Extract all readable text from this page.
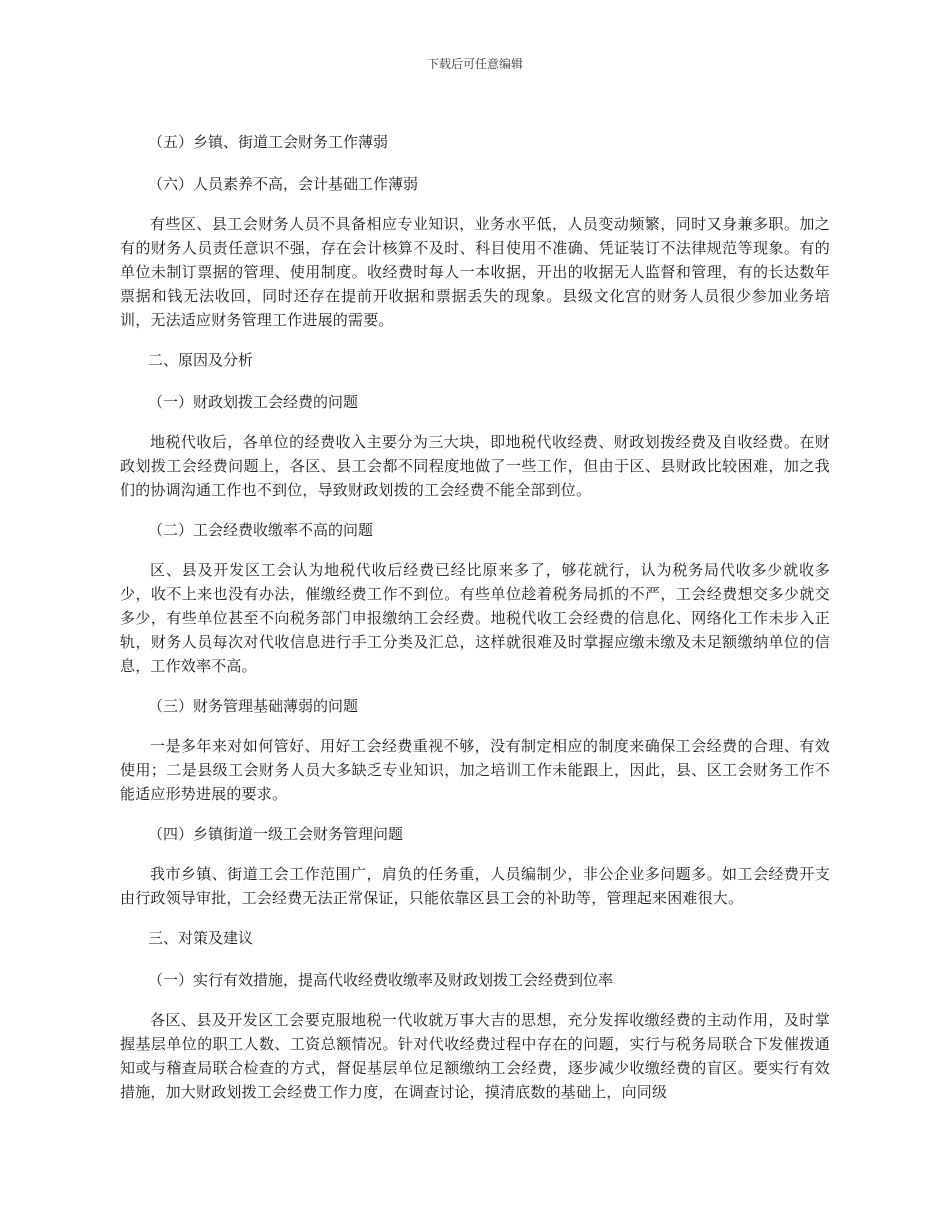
下载后可任意编辑
（五）乡镇、街道工会财务工作薄弱
（六）人员素养不高，会计基础工作薄弱
有些区、县工会财务人员不具备相应专业知识，业务水平低，人员变动频繁，同时又身兼多职。加之有的财务人员责任意识不强，存在会计核算不及时、科目使用不准确、凭证装订不法律规范等现象。有的单位未制订票据的管理、使用制度。收经费时每人一本收据，开出的收据无人监督和管理，有的长达数年票据和钱无法收回，同时还存在提前开收据和票据丢失的现象。县级文化宫的财务人员很少参加业务培训，无法适应财务管理工作进展的需要。
二、原因及分析
（一）财政划拨工会经费的问题
地税代收后，各单位的经费收入主要分为三大块，即地税代收经费、财政划拨经费及自收经费。在财政划拨工会经费问题上，各区、县工会都不同程度地做了一些工作，但由于区、县财政比较困难，加之我们的协调沟通工作也不到位，导致财政划拨的工会经费不能全部到位。
（二）工会经费收缴率不高的问题
区、县及开发区工会认为地税代收后经费已经比原来多了，够花就行，认为税务局代收多少就收多少，收不上来也没有办法，催缴经费工作不到位。有些单位趁着税务局抓的不严，工会经费想交多少就交多少，有些单位甚至不向税务部门申报缴纳工会经费。地税代收工会经费的信息化、网络化工作未步入正轨，财务人员每次对代收信息进行手工分类及汇总，这样就很难及时掌握应缴未缴及未足额缴纳单位的信息，工作效率不高。
（三）财务管理基础薄弱的问题
一是多年来对如何管好、用好工会经费重视不够，没有制定相应的制度来确保工会经费的合理、有效使用；二是县级工会财务人员大多缺乏专业知识，加之培训工作未能跟上，因此，县、区工会财务工作不能适应形势进展的要求。
（四）乡镇街道一级工会财务管理问题
我市乡镇、街道工会工作范围广，肩负的任务重，人员编制少，非公企业多问题多。如工会经费开支由行政领导审批，工会经费无法正常保证，只能依靠区县工会的补助等，管理起来困难很大。
三、对策及建议
（一）实行有效措施，提高代收经费收缴率及财政划拨工会经费到位率
各区、县及开发区工会要克服地税一代收就万事大吉的思想，充分发挥收缴经费的主动作用，及时掌握基层单位的职工人数、工资总额情况。针对代收经费过程中存在的问题，实行与税务局联合下发催拨通知或与稽查局联合检查的方式，督促基层单位足额缴纳工会经费，逐步减少收缴经费的盲区。要实行有效措施，加大财政划拨工会经费工作力度，在调查讨论，摸清底数的基础上，向同级
